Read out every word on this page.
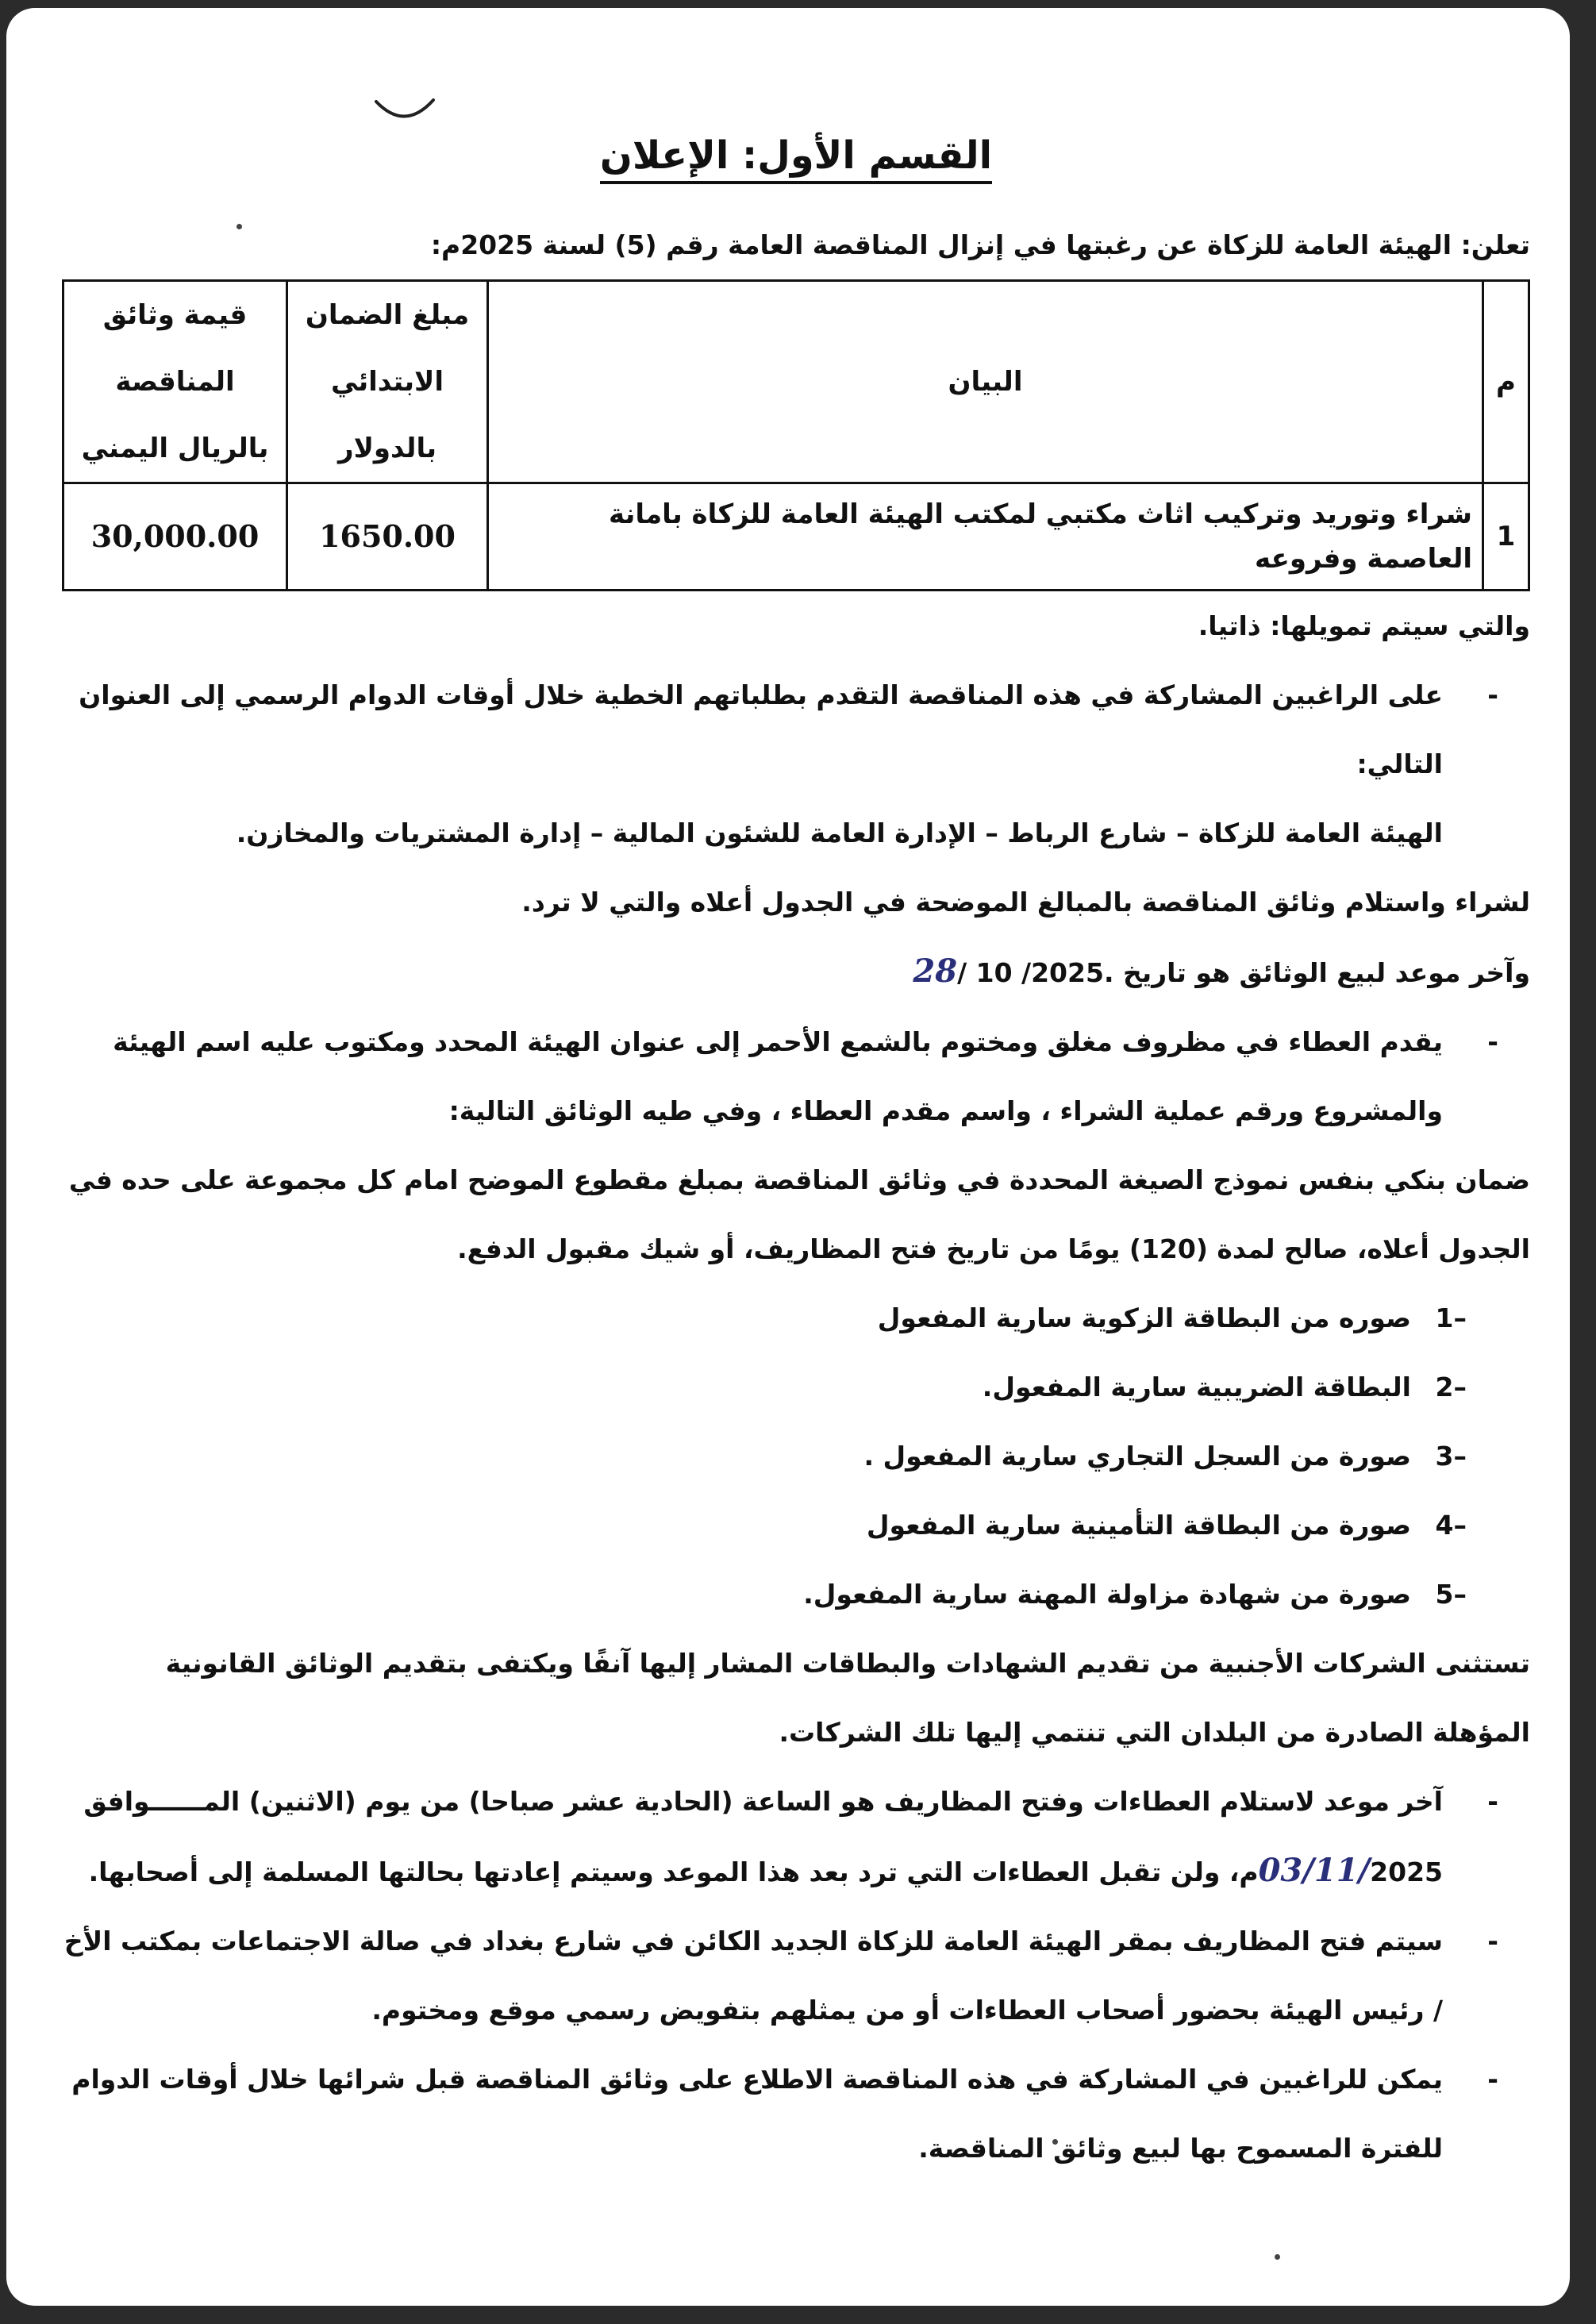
القسم الأول: الإعلان

تعلن: الهيئة العامة للزكاة عن رغبتها في إنزال المناقصة العامة رقم (5) لسنة 2025م:

م	البيان	مبلغ الضمان الابتدائي بالدولار	قيمة وثائق المناقصة بالريال اليمني
1	شراء وتوريد وتركيب اثاث مكتبي لمكتب الهيئة العامة للزكاة بامانة العاصمة وفروعه	1650.00	30,000.00

والتي سيتم تمويلها: ذاتيا.

-
على الراغبين المشاركة في هذه المناقصة التقدم بطلباتهم الخطية خلال أوقات الدوام الرسمي إلى العنوان التالي:

الهيئة العامة للزكاة – شارع الرباط – الإدارة العامة للشئون المالية – إدارة المشتريات والمخازن.

لشراء واستلام وثائق المناقصة بالمبالغ الموضحة في الجدول أعلاه والتي لا ترد.

وآخر موعد لبيع الوثائق هو تاريخ 28/ 10 /2025.

-
يقدم العطاء في مظروف مغلق ومختوم بالشمع الأحمر إلى عنوان الهيئة المحدد ومكتوب عليه اسم الهيئة والمشروع ورقم عملية الشراء ، واسم مقدم العطاء ، وفي طيه الوثائق التالية:

ضمان بنكي بنفس نموذج الصيغة المحددة في وثائق المناقصة بمبلغ مقطوع الموضح امام كل مجموعة على حده في الجدول أعلاه، صالح لمدة (120) يومًا من تاريخ فتح المظاريف، أو شيك مقبول الدفع.

1–
صوره من البطاقة الزكوية سارية المفعول

2–
البطاقة الضريبية سارية المفعول.

3–
صورة من السجل التجاري سارية المفعول .

4–
صورة من البطاقة التأمينية سارية المفعول

5–
صورة من شهادة مزاولة المهنة سارية المفعول.

تستثنى الشركات الأجنبية من تقديم الشهادات والبطاقات المشار إليها آنفًا ويكتفى بتقديم الوثائق القانونية المؤهلة الصادرة من البلدان التي تنتمي إليها تلك الشركات.

-
آخر موعد لاستلام العطاءات وفتح المظاريف هو الساعة (الحادية عشر صباحا) من يوم (الاثنين) المــــــوافق 03/11/2025م، ولن تقبل العطاءات التي ترد بعد هذا الموعد وسيتم إعادتها بحالتها المسلمة إلى أصحابها.

-
سيتم فتح المظاريف بمقر الهيئة العامة للزكاة الجديد الكائن في شارع بغداد في صالة الاجتماعات بمكتب الأخ / رئيس الهيئة بحضور أصحاب العطاءات أو من يمثلهم بتفويض رسمي موقع ومختوم.

-
يمكن للراغبين في المشاركة في هذه المناقصة الاطلاع على وثائق المناقصة قبل شرائها خلال أوقات الدوام للفترة المسموح بها لبيع وثائق المناقصة.
